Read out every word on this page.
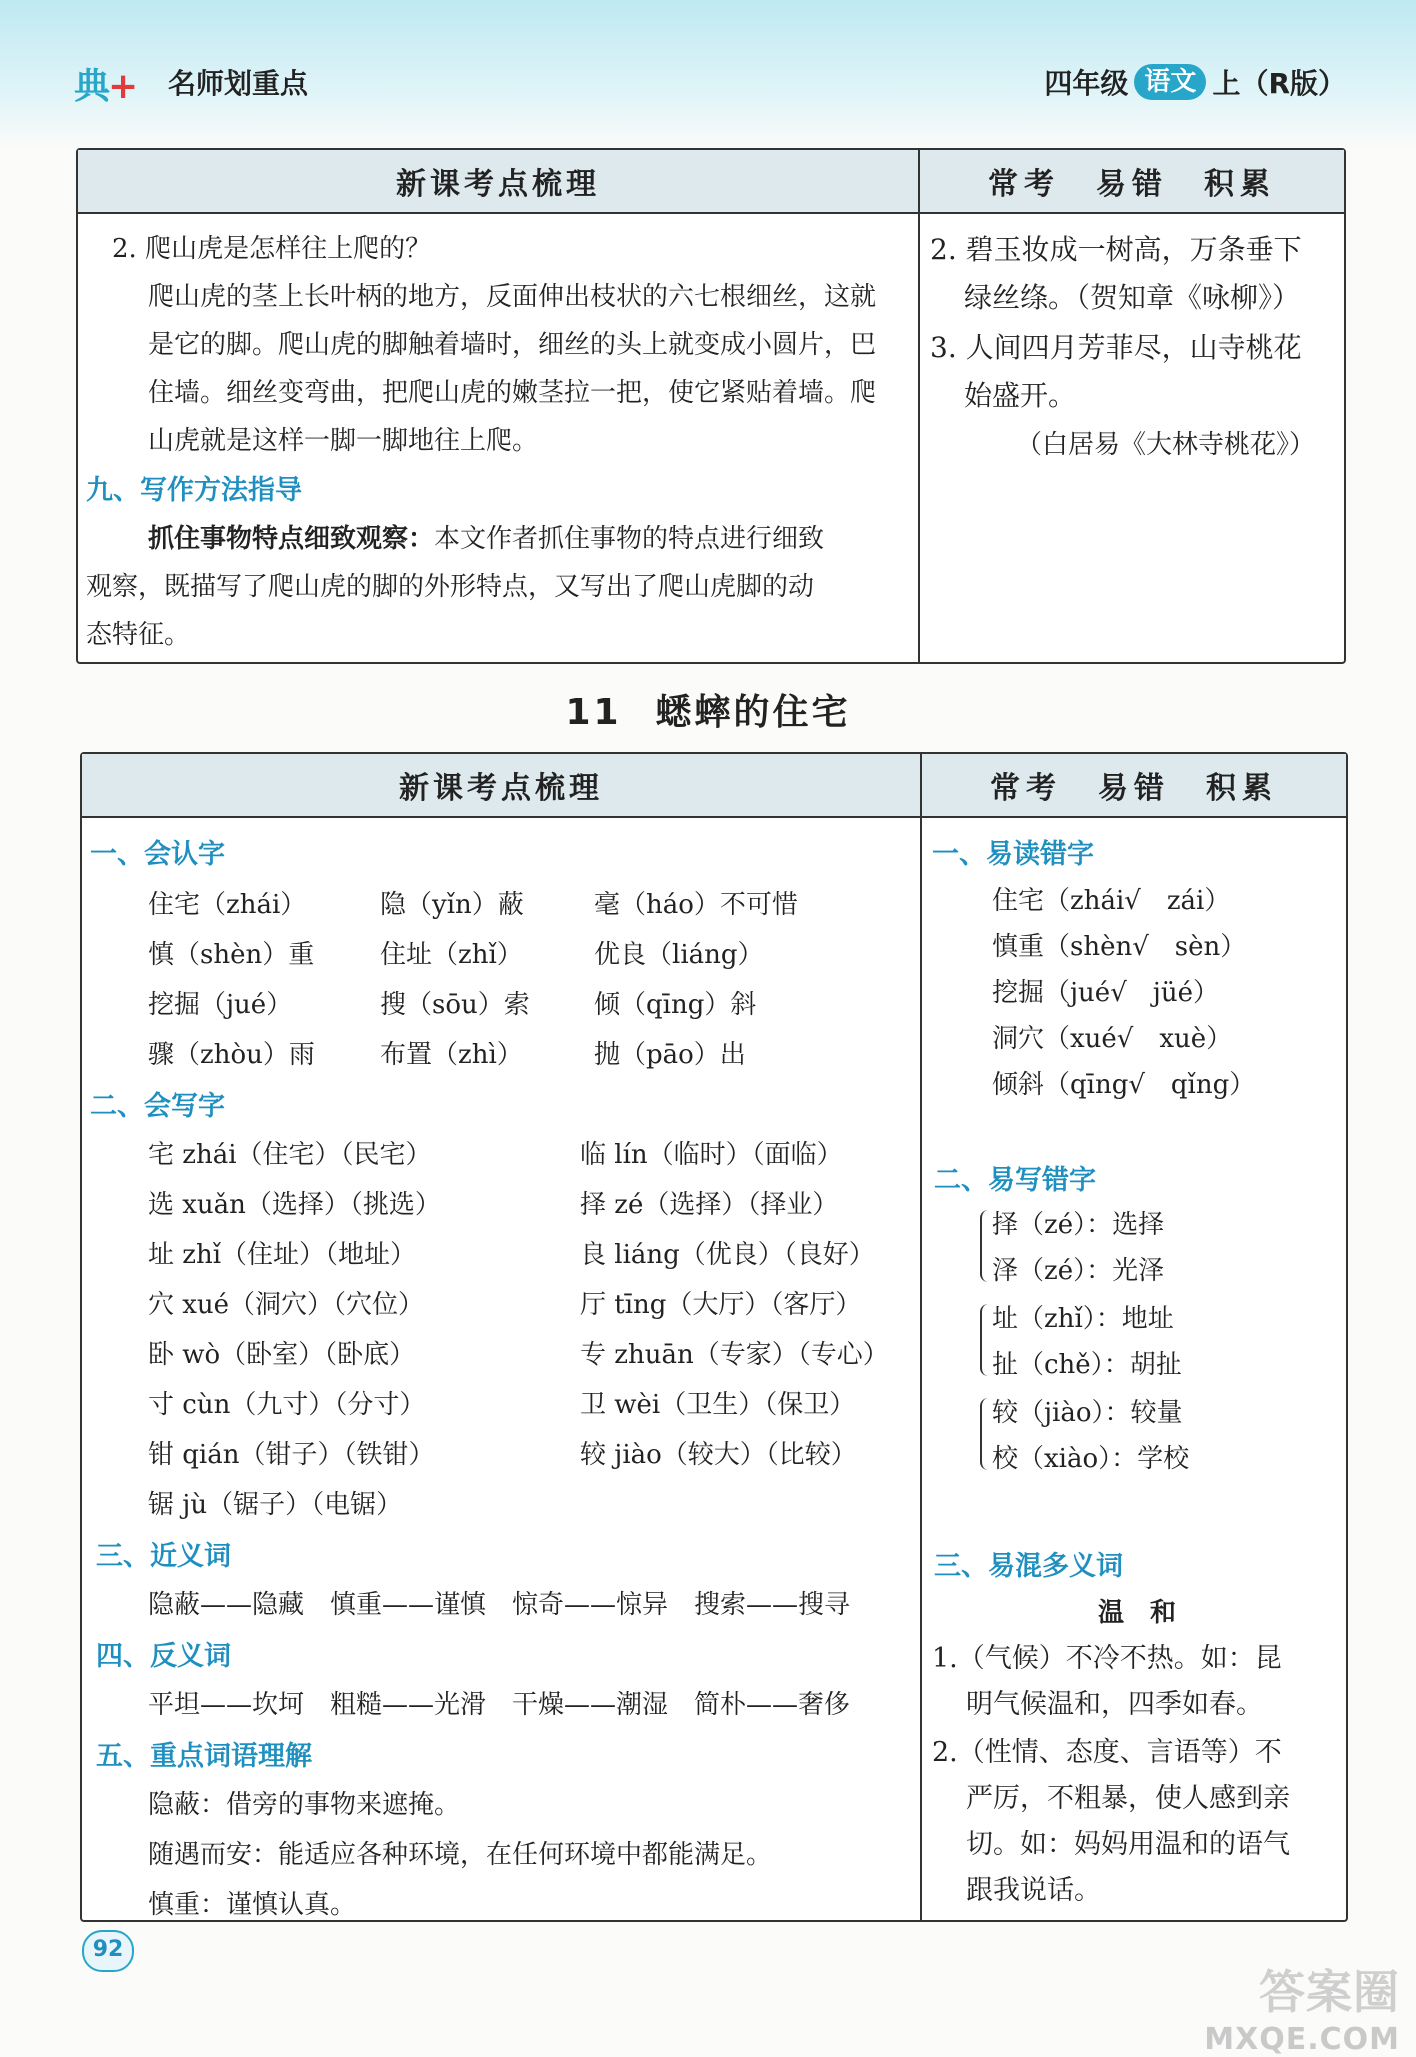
典+	名师划重点	四年级 语文 上（R版）
新课考点梳理
2. 爬山虎是怎样往上爬的？
爬山虎的茎上长叶柄的地方，反面伸出枝状的六七根细丝，这就
是它的脚。爬山虎的脚触着墙时，细丝的头上就变成小圆片，巴
住墙。细丝变弯曲，把爬山虎的嫩茎拉一把，使它紧贴着墙。爬
山虎就是这样一脚一脚地往上爬。
九、写作方法指导
抓住事物特点细致观察：本文作者抓住事物的特点进行细致
观察，既描写了爬山虎的脚的外形特点，又写出了爬山虎脚的动
态特征。
常考　易错　积累
2. 碧玉妆成一树高，万条垂下
绿丝绦。（贺知章《咏柳》）
3. 人间四月芳菲尽，山寺桃花
始盛开。
（白居易《大林寺桃花》）
11 蟋蟀的住宅
新课考点梳理
一、会认字
住宅（zhái）	隐（yǐn）蔽	毫（háo）不可惜
慎（shèn）重	住址（zhǐ）	优良（liáng）
挖掘（jué）	搜（sōu）索 倾（qīng）斜
骤（zhòu）雨	布置（zhì）	抛（pāo）出
二、会写字
宅 zhái（住宅）（民宅）	临 lín（临时）（面临）
选 xuǎn（选择）（挑选）	择 zé（选择）（择业）
址 zhǐ（住址）（地址）	良 liáng（优良）（良好）
穴 xué（洞穴）（穴位）	厅 tīng（大厅）（客厅）
卧 wò（卧室）（卧底）	专 zhuān（专家）（专心）
寸 cùn（九寸）（分寸）	卫 wèi（卫生）（保卫）
钳 qián（钳子）（铁钳）	较 jiào（较大）（比较）
锯 jù（锯子）（电锯）
三、近义词
隐蔽——隐藏　慎重——谨慎　惊奇——惊异　搜索——搜寻
四、反义词
平坦——坎坷　粗糙——光滑　干燥——潮湿　简朴——奢侈
五、重点词语理解
隐蔽：借旁的事物来遮掩。
随遇而安：能适应各种环境，在任何环境中都能满足。
慎重：谨慎认真。
常考　易错　积累
一、易读错字
住宅（zhái√　zái）
慎重（shèn√　sèn）
挖掘（jué√　jüé）
洞穴（xué√　xuè）
倾斜（qīng√　qǐng）
二、易写错字
择（zé）：选择
泽（zé）：光泽
址（zhǐ）：地址
扯（chě）：胡扯
较（jiào）：较量
校（xiào）：学校
三、易混多义词
温　和
1.（气候）不冷不热。如：昆
明气候温和，四季如春。
2.（性情、态度、言语等）不
严厉，不粗暴，使人感到亲
切。如：妈妈用温和的语气
跟我说话。
92
答案圈
MXQE.COM
